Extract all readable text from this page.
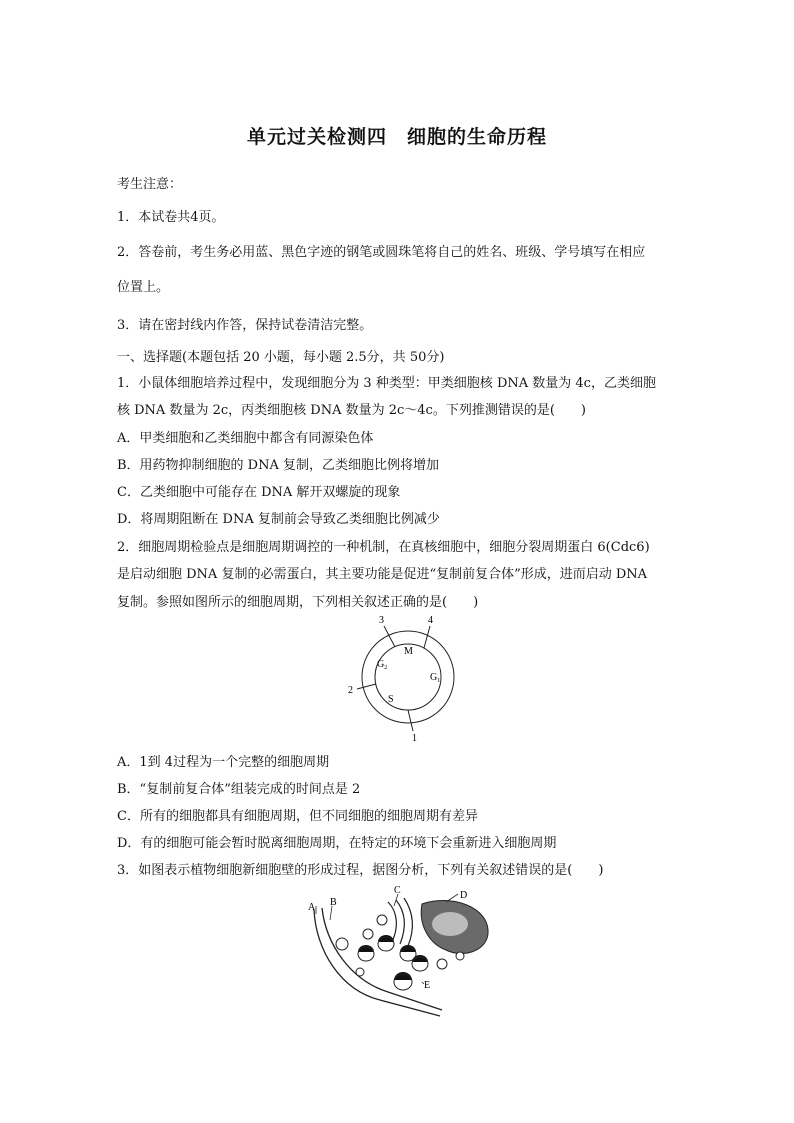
单元过关检测四　细胞的生命历程
考生注意：
1．本试卷共4页。
2．答卷前，考生务必用蓝、黑色字迹的钢笔或圆珠笔将自己的姓名、班级、学号填写在相应
位置上。
3．请在密封线内作答，保持试卷清洁完整。
一、选择题(本题包括 20 小题，每小题 2.5分，共 50分)
1．小鼠体细胞培养过程中，发现细胞分为 3 种类型：甲类细胞核 DNA 数量为 4c，乙类细胞
核 DNA 数量为 2c，丙类细胞核 DNA 数量为 2c～4c。下列推测错误的是(　　)
A．甲类细胞和乙类细胞中都含有同源染色体
B．用药物抑制细胞的 DNA 复制，乙类细胞比例将增加
C．乙类细胞中可能存在 DNA 解开双螺旋的现象
D．将周期阻断在 DNA 复制前会导致乙类细胞比例减少
2．细胞周期检验点是细胞周期调控的一种机制，在真核细胞中，细胞分裂周期蛋白 6(Cdc6)
是启动细胞 DNA 复制的必需蛋白，其主要功能是促进“复制前复合体”形成，进而启动 DNA
复制。参照如图所示的细胞周期，下列相关叙述正确的是(　　)
1
2
3	4
M
S
$G_2$
$G_1$
A．1到 4过程为一个完整的细胞周期
B．“复制前复合体”组装完成的时间点是 2
C．所有的细胞都具有细胞周期，但不同细胞的细胞周期有差异
D．有的细胞可能会暂时脱离细胞周期，在特定的环境下会重新进入细胞周期
3．如图表示植物细胞新细胞壁的形成过程，据图分析，下列有关叙述错误的是(　　)
A B
C	D
E
